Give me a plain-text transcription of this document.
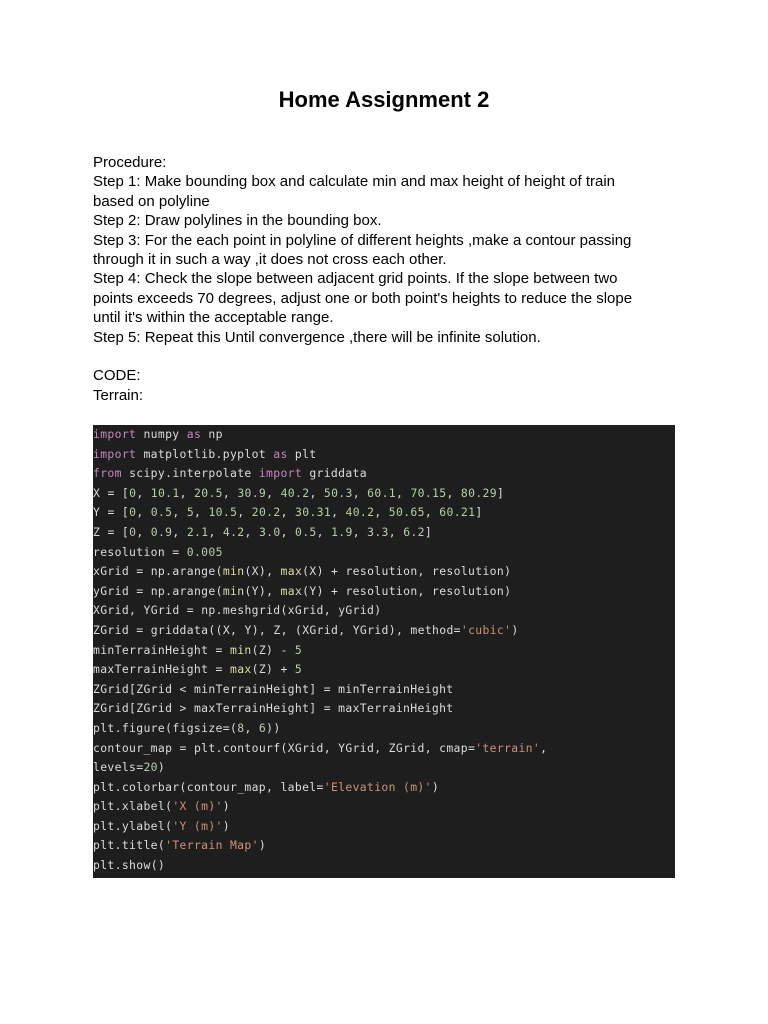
Home Assignment 2
Procedure:
Step 1: Make bounding box and calculate min and max height of height of train
based on polyline
Step 2: Draw polylines in the bounding box.
Step 3: For the each point in polyline of different heights ,make a contour passing
through it in such a way ,it does not cross each other.
Step 4: Check the slope between adjacent grid points. If the slope between two
points exceeds 70 degrees, adjust one or both point's heights to reduce the slope
until it's within the acceptable range.
Step 5: Repeat this Until convergence ,there will be infinite solution.

CODE:
Terrain:
import numpy as np
import matplotlib.pyplot as plt
from scipy.interpolate import griddata
X = [0, 10.1, 20.5, 30.9, 40.2, 50.3, 60.1, 70.15, 80.29]
Y = [0, 0.5, 5, 10.5, 20.2, 30.31, 40.2, 50.65, 60.21]
Z = [0, 0.9, 2.1, 4.2, 3.0, 0.5, 1.9, 3.3, 6.2]
resolution = 0.005
xGrid = np.arange(min(X), max(X) + resolution, resolution)
yGrid = np.arange(min(Y), max(Y) + resolution, resolution)
XGrid, YGrid = np.meshgrid(xGrid, yGrid)
ZGrid = griddata((X, Y), Z, (XGrid, YGrid), method='cubic')
minTerrainHeight = min(Z) - 5
maxTerrainHeight = max(Z) + 5
ZGrid[ZGrid < minTerrainHeight] = minTerrainHeight
ZGrid[ZGrid > maxTerrainHeight] = maxTerrainHeight
plt.figure(figsize=(8, 6))
contour_map = plt.contourf(XGrid, YGrid, ZGrid, cmap='terrain',
levels=20)
plt.colorbar(contour_map, label='Elevation (m)')
plt.xlabel('X (m)')
plt.ylabel('Y (m)')
plt.title('Terrain Map')
plt.show()
